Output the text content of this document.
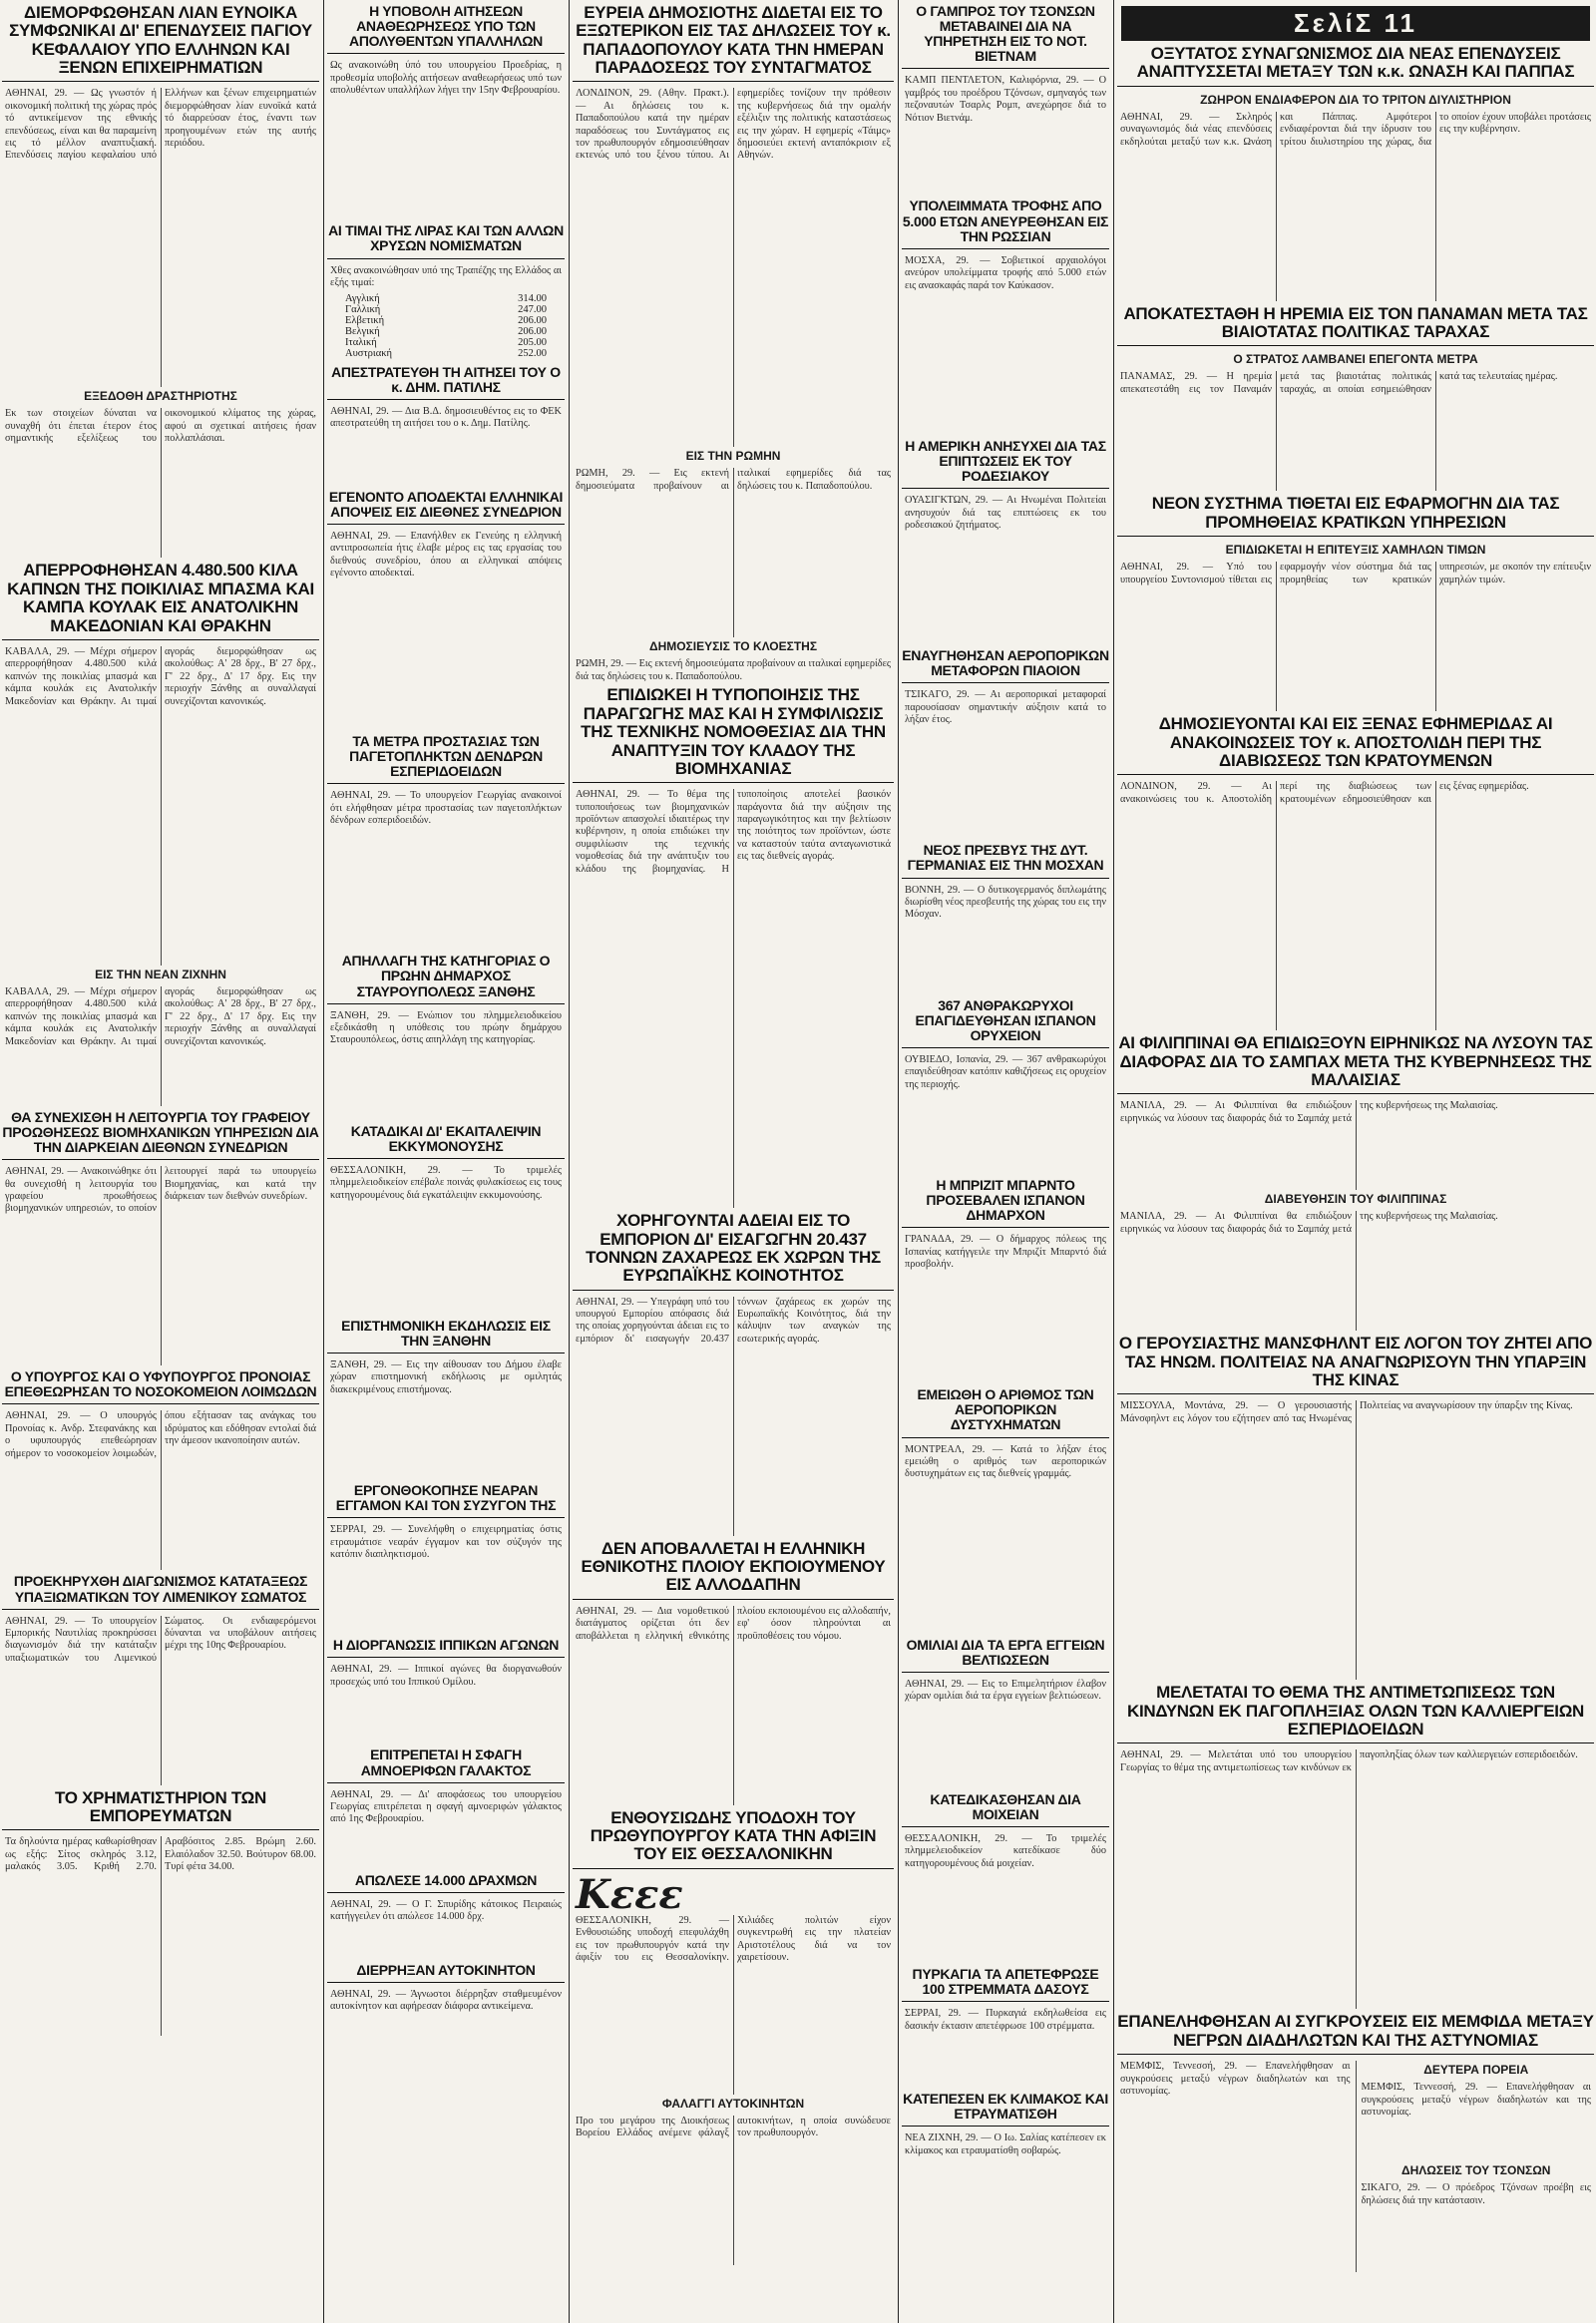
ΔΙΕΜΟΡΦΩΘΗΣΑΝ ΛΙΑΝ ΕΥΝΟΙΚΑ ΣΥΜΦΩΝΙΚΑΙ ΔΙ' ΕΠΕΝΔΥΣΕΙΣ ΠΑΓΙΟΥ ΚΕΦΑΛΑΙΟΥ ΥΠΟ ΕΛΛΗΝΩΝ ΚΑΙ ΞΕΝΩΝ ΕΠΙΧΕΙΡΗΜΑΤΙΩΝ
ΑΘΗΝΑΙ, 29. — Ως γνωστόν ή οικονομική πολιτική της χώρας πρός τό αντικείμενον της εθνικής επενδύσεως, είναι και θα παραμείνη εις τό μέλλον αναπτυξιακή. Επενδύσεις παγίου κεφαλαίου υπό Ελλήνων και ξένων επιχειρηματιών διεμορφώθησαν λίαν ευνοϊκά κατά τό διαρρεύσαν έτος, έναντι των προηγουμένων ετών της αυτής περιόδου.
ΕΞΕΔΟΘΗ ΔΡΑΣΤΗΡΙΟΤΗΣ
Εκ των στοιχείων δύναται να συναχθή ότι έπεται έτερον έτος σημαντικής εξελίξεως του οικονομικού κλίματος της χώρας, αφού αι σχετικαί αιτήσεις ήσαν πολλαπλάσιαι.
ΑΠΕΡΡΟΦΗΘΗΣΑΝ 4.480.500 ΚΙΛΑ ΚΑΠΝΩΝ ΤΗΣ ΠΟΙΚΙΛΙΑΣ ΜΠΑΣΜΑ ΚΑΙ ΚΑΜΠΑ ΚΟΥΛΑΚ ΕΙΣ ΑΝΑΤΟΛΙΚΗΝ ΜΑΚΕΔΟΝΙΑΝ ΚΑΙ ΘΡΑΚΗΝ
ΚΑΒΑΛΑ, 29. — Μέχρι σήμερον απερροφήθησαν 4.480.500 κιλά καπνών της ποικιλίας μπασμά και κάμπα κουλάκ εις Ανατολικήν Μακεδονίαν και Θράκην. Αι τιμαί αγοράς διεμορφώθησαν ως ακολούθως: Α' 28 δρχ., Β' 27 δρχ., Γ' 22 δρχ., Δ' 17 δρχ. Εις την περιοχήν Ξάνθης αι συναλλαγαί συνεχίζονται κανονικώς.
ΕΙΣ ΤΗΝ ΝΕΑΝ ΖΙΧΝΗΝ
ΚΑΒΑΛΑ, 29. — Μέχρι σήμερον απερροφήθησαν 4.480.500 κιλά καπνών της ποικιλίας μπασμά και κάμπα κουλάκ εις Ανατολικήν Μακεδονίαν και Θράκην. Αι τιμαί αγοράς διεμορφώθησαν ως ακολούθως: Α' 28 δρχ., Β' 27 δρχ., Γ' 22 δρχ., Δ' 17 δρχ. Εις την περιοχήν Ξάνθης αι συναλλαγαί συνεχίζονται κανονικώς.
ΘΑ ΣΥΝΕΧΙΣΘΗ Η ΛΕΙΤΟΥΡΓΙΑ ΤΟΥ ΓΡΑΦΕΙΟΥ ΠΡΟΩΘΗΣΕΩΣ ΒΙΟΜΗΧΑΝΙΚΩΝ ΥΠΗΡΕΣΙΩΝ ΔΙΑ ΤΗΝ ΔΙΑΡΚΕΙΑΝ ΔΙΕΘΝΩΝ ΣΥΝΕΔΡΙΩΝ
ΑΘΗΝΑΙ, 29. — Ανακοινώθηκε ότι θα συνεχισθή η λειτουργία του γραφείου προωθήσεως βιομηχανικών υπηρεσιών, το οποίον λειτουργεί παρά τω υπουργείω Βιομηχανίας, και κατά την διάρκειαν των διεθνών συνεδρίων.
Ο ΥΠΟΥΡΓΟΣ ΚΑΙ Ο ΥΦΥΠΟΥΡΓΟΣ ΠΡΟΝΟΙΑΣ ΕΠΕΘΕΩΡΗΣΑΝ ΤΟ ΝΟΣΟΚΟΜΕΙΟΝ ΛΟΙΜΩΔΩΝ
ΑΘΗΝΑΙ, 29. — Ο υπουργός Προνοίας κ. Ανδρ. Στεφανάκης και ο υφυπουργός επεθεώρησαν σήμερον το νοσοκομείον λοιμωδών, όπου εξήτασαν τας ανάγκας του ιδρύματος και εδόθησαν εντολαί διά την άμεσον ικανοποίησιν αυτών.
ΠΡΟΕΚΗΡΥΧΘΗ ΔΙΑΓΩΝΙΣΜΟΣ ΚΑΤΑΤΑΞΕΩΣ ΥΠΑΞΙΩΜΑΤΙΚΩΝ ΤΟΥ ΛΙΜΕΝΙΚΟΥ ΣΩΜΑΤΟΣ
ΑΘΗΝΑΙ, 29. — Το υπουργείον Εμπορικής Ναυτιλίας προκηρύσσει διαγωνισμόν διά την κατάταξιν υπαξιωματικών του Λιμενικού Σώματος. Οι ενδιαφερόμενοι δύνανται να υποβάλουν αιτήσεις μέχρι της 10ης Φεβρουαρίου.
ΤΟ ΧΡΗΜΑΤΙΣΤΗΡΙΟΝ ΤΩΝ ΕΜΠΟΡΕΥΜΑΤΩΝ
Τα δηλούντα ημέρας καθωρίσθησαν ως εξής: Σίτος σκληρός 3.12, μαλακός 3.05. Κριθή 2.70. Αραβόσιτος 2.85. Βρώμη 2.60. Ελαιόλαδον 32.50. Βούτυρον 68.00. Τυρί φέτα 34.00.
Η ΥΠΟΒΟΛΗ ΑΙΤΗΣΕΩΝ ΑΝΑΘΕΩΡΗΣΕΩΣ ΥΠΟ ΤΩΝ ΑΠΟΛΥΘΕΝΤΩΝ ΥΠΑΛΛΗΛΩΝ
Ως ανακοινώθη ύπό του υπουργείου Προεδρίας, η προθεσμία υποβολής αιτήσεων αναθεωρήσεως υπό των απολυθέντων υπαλλήλων λήγει την 15ην Φεβρουαρίου.
ΑΙ ΤΙΜΑΙ ΤΗΣ ΛΙΡΑΣ ΚΑΙ ΤΩΝ ΑΛΛΩΝ ΧΡΥΣΩΝ ΝΟΜΙΣΜΑΤΩΝ
Χθες ανακοινώθησαν υπό της Τραπέζης της Ελλάδος αι εξής τιμαί:
Αγγλική	314.00
Γαλλική	247.00
Ελβετική	206.00
Βελγική	206.00
Ιταλική	205.00
Αυστριακή	252.00
ΑΠΕΣΤΡΑΤΕΥΘΗ ΤΗ ΑΙΤΗΣΕΙ ΤΟΥ Ο κ. ΔΗΜ. ΠΑΤΙΛΗΣ
ΑΘΗΝΑΙ, 29. — Δια Β.Δ. δημοσιευθέντος εις το ΦΕΚ απεστρατεύθη τη αιτήσει του ο κ. Δημ. Πατίλης.
ΕΓΕΝΟΝΤΟ ΑΠΟΔΕΚΤΑΙ ΕΛΛΗΝΙΚΑΙ ΑΠΟΨΕΙΣ ΕΙΣ ΔΙΕΘΝΕΣ ΣΥΝΕΔΡΙΟΝ
ΑΘΗΝΑΙ, 29. — Επανήλθεν εκ Γενεύης η ελληνική αντιπροσωπεία ήτις έλαβε μέρος εις τας εργασίας του διεθνούς συνεδρίου, όπου αι ελληνικαί απόψεις εγένοντο αποδεκταί.
ΤΑ ΜΕΤΡΑ ΠΡΟΣΤΑΣΙΑΣ ΤΩΝ ΠΑΓΕΤΟΠΛΗΚΤΩΝ ΔΕΝΔΡΩΝ ΕΣΠΕΡΙΔΟΕΙΔΩΝ
ΑΘΗΝΑΙ, 29. — Το υπουργείον Γεωργίας ανακοινοί ότι ελήφθησαν μέτρα προστασίας των παγετοπλήκτων δένδρων εσπεριδοειδών.
ΑΠΗΛΛΑΓΗ ΤΗΣ ΚΑΤΗΓΟΡΙΑΣ Ο ΠΡΩΗΝ ΔΗΜΑΡΧΟΣ ΣΤΑΥΡΟΥΠΟΛΕΩΣ ΞΑΝΘΗΣ
ΞΑΝΘΗ, 29. — Ενώπιον του πλημμελειοδικείου εξεδικάσθη η υπόθεσις του πρώην δημάρχου Σταυρουπόλεως, όστις απηλλάγη της κατηγορίας.
ΚΑΤΑΔΙΚΑΙ ΔΙ' ΕΚΑΙΤΑΛΕΙΨΙΝ ΕΚΚΥΜΟΝΟΥΣΗΣ
ΘΕΣΣΑΛΟΝΙΚΗ, 29. — Το τριμελές πλημμελειοδικείον επέβαλε ποινάς φυλακίσεως εις τους κατηγορουμένους διά εγκατάλειψιν εκκυμονούσης.
ΕΠΙΣΤΗΜΟΝΙΚΗ ΕΚΔΗΛΩΣΙΣ ΕΙΣ ΤΗΝ ΞΑΝΘΗΝ
ΞΑΝΘΗ, 29. — Εις την αίθουσαν του Δήμου έλαβε χώραν επιστημονική εκδήλωσις με ομιλητάς διακεκριμένους επιστήμονας.
ΕΡΓΟΝΘΟΚΟΠΗΣΕ ΝΕΑΡΑΝ ΕΓΓΑΜΟΝ ΚΑΙ ΤΟΝ ΣΥΖΥΓΟΝ ΤΗΣ
ΣΕΡΡΑΙ, 29. — Συνελήφθη ο επιχειρηματίας όστις ετραυμάτισε νεαράν έγγαμον και τον σύζυγόν της κατόπιν διαπληκτισμού.
Η ΔΙΟΡΓΑΝΩΣΙΣ ΙΠΠΙΚΩΝ ΑΓΩΝΩΝ
ΑΘΗΝΑΙ, 29. — Ιππικοί αγώνες θα διοργανωθούν προσεχώς υπό του Ιππικού Ομίλου.
ΕΠΙΤΡΕΠΕΤΑΙ Η ΣΦΑΓΗ ΑΜΝΟΕΡΙΦΩΝ ΓΑΛΑΚΤΟΣ
ΑΘΗΝΑΙ, 29. — Δι' αποφάσεως του υπουργείου Γεωργίας επιτρέπεται η σφαγή αμνοεριφών γάλακτος από 1ης Φεβρουαρίου.
ΑΠΩΛΕΣΕ 14.000 ΔΡΑΧΜΩΝ
ΑΘΗΝΑΙ, 29. — Ο Γ. Σπυρίδης κάτοικος Πειραιώς κατήγγειλεν ότι απώλεσε 14.000 δρχ.
ΔΙΕΡΡΗΞΑΝ ΑΥΤΟΚΙΝΗΤΟΝ
ΑΘΗΝΑΙ, 29. — Άγνωστοι διέρρηξαν σταθμευμένον αυτοκίνητον και αφήρεσαν διάφορα αντικείμενα.
ΕΥΡΕΙΑ ΔΗΜΟΣΙΟΤΗΣ ΔΙΔΕΤΑΙ ΕΙΣ ΤΟ ΕΞΩΤΕΡΙΚΟΝ ΕΙΣ ΤΑΣ ΔΗΛΩΣΕΙΣ ΤΟΥ κ. ΠΑΠΑΔΟΠΟΥΛΟΥ ΚΑΤΑ ΤΗΝ ΗΜΕΡΑΝ ΠΑΡΑΔΟΣΕΩΣ ΤΟΥ ΣΥΝΤΑΓΜΑΤΟΣ
ΛΟΝΔΙΝΟΝ, 29. (Αθην. Πρακτ.). — Αι δηλώσεις του κ. Παπαδοπούλου κατά την ημέραν παραδόσεως του Συντάγματος εις τον πρωθυπουργόν εδημοσιεύθησαν εκτενώς υπό του ξένου τύπου. Αι εφημερίδες τονίζουν την πρόθεσιν της κυβερνήσεως διά την ομαλήν εξέλιξιν της πολιτικής καταστάσεως εις την χώραν. Η εφημερίς «Τάιμς» δημοσιεύει εκτενή ανταπόκρισιν εξ Αθηνών.
ΕΙΣ ΤΗΝ ΡΩΜΗΝ
ΡΩΜΗ, 29. — Εις εκτενή δημοσιεύματα προβαίνουν αι ιταλικαί εφημερίδες διά τας δηλώσεις του κ. Παπαδοπούλου.
ΔΗΜΟΣΙΕΥΣΙΣ ΤΟ ΚΛΟΕΣΤΗΣ
ΡΩΜΗ, 29. — Εις εκτενή δημοσιεύματα προβαίνουν αι ιταλικαί εφημερίδες διά τας δηλώσεις του κ. Παπαδοπούλου.
ΕΠΙΔΙΩΚΕΙ Η ΤΥΠΟΠΟΙΗΣΙΣ ΤΗΣ ΠΑΡΑΓΩΓΗΣ ΜΑΣ ΚΑΙ Η ΣΥΜΦΙΛΙΩΣΙΣ ΤΗΣ ΤΕΧΝΙΚΗΣ ΝΟΜΟΘΕΣΙΑΣ ΔΙΑ ΤΗΝ ΑΝΑΠΤΥΞΙΝ ΤΟΥ ΚΛΑΔΟΥ ΤΗΣ ΒΙΟΜΗΧΑΝΙΑΣ
ΑΘΗΝΑΙ, 29. — Το θέμα της τυποποιήσεως των βιομηχανικών προϊόντων απασχολεί ιδιαιτέρως την κυβέρνησιν, η οποία επιδιώκει την συμφιλίωσιν της τεχνικής νομοθεσίας διά την ανάπτυξιν του κλάδου της βιομηχανίας. Η τυποποίησις αποτελεί βασικόν παράγοντα διά την αύξησιν της παραγωγικότητος και την βελτίωσιν της ποιότητος των προϊόντων, ώστε να καταστούν ταύτα ανταγωνιστικά εις τας διεθνείς αγοράς.
ΧΟΡΗΓΟΥΝΤΑΙ ΑΔΕΙΑΙ ΕΙΣ ΤΟ ΕΜΠΟΡΙΟΝ ΔΙ' ΕΙΣΑΓΩΓΗΝ 20.437 ΤΟΝΝΩΝ ΖΑΧΑΡΕΩΣ ΕΚ ΧΩΡΩΝ ΤΗΣ ΕΥΡΩΠΑΪΚΗΣ ΚΟΙΝΟΤΗΤΟΣ
ΑΘΗΝΑΙ, 29. — Υπεγράφη υπό του υπουργού Εμπορίου απόφασις διά της οποίας χορηγούνται άδειαι εις το εμπόριον δι' εισαγωγήν 20.437 τόννων ζαχάρεως εκ χωρών της Ευρωπαϊκής Κοινότητος, διά την κάλυψιν των αναγκών της εσωτερικής αγοράς.
ΔΕΝ ΑΠΟΒΑΛΛΕΤΑΙ Η ΕΛΛΗΝΙΚΗ ΕΘΝΙΚΟΤΗΣ ΠΛΟΙΟΥ ΕΚΠΟΙΟΥΜΕΝΟΥ ΕΙΣ ΑΛΛΟΔΑΠΗΝ
ΑΘΗΝΑΙ, 29. — Δια νομοθετικού διατάγματος ορίζεται ότι δεν αποβάλλεται η ελληνική εθνικότης πλοίου εκποιουμένου εις αλλοδαπήν, εφ' όσον πληρούνται αι προϋποθέσεις του νόμου.
ΕΝΘΟΥΣΙΩΔΗΣ ΥΠΟΔΟΧΗ ΤΟΥ ΠΡΩΘΥΠΟΥΡΓΟΥ ΚΑΤΑ ΤΗΝ ΑΦΙΞΙΝ ΤΟΥ ΕΙΣ ΘΕΣΣΑΛΟΝΙΚΗΝ
Κεεε
ΘΕΣΣΑΛΟΝΙΚΗ, 29. — Ενθουσιώδης υποδοχή επεφυλάχθη εις τον πρωθυπουργόν κατά την άφιξίν του εις Θεσσαλονίκην. Χιλιάδες πολιτών είχον συγκεντρωθή εις την πλατείαν Αριστοτέλους διά να τον χαιρετίσουν.
ΦΑΛΑΓΓΙ ΑΥΤΟΚΙΝΗΤΩΝ
Προ του μεγάρου της Διοικήσεως Βορείου Ελλάδος ανέμενε φάλαγξ αυτοκινήτων, η οποία συνώδευσε τον πρωθυπουργόν.
Ο ΓΑΜΠΡΟΣ ΤΟΥ ΤΣΟΝΣΩΝ ΜΕΤΑΒΑΙΝΕΙ ΔΙΑ ΝΑ ΥΠΗΡΕΤΗΣΗ ΕΙΣ ΤΟ ΝΟΤ. ΒΙΕΤΝΑΜ
ΚΑΜΠ ΠΕΝΤΛΕΤΟΝ, Καλιφόρνια, 29. — Ο γαμβρός του προέδρου Τζόνσων, σμηναγός των πεζοναυτών Τσαρλς Ρομπ, ανεχώρησε διά το Νότιον Βιετνάμ.
ΥΠΟΛΕΙΜΜΑΤΑ ΤΡΟΦΗΣ ΑΠΟ 5.000 ΕΤΩΝ ΑΝΕΥΡΕΘΗΣΑΝ ΕΙΣ ΤΗΝ ΡΩΣΣΙΑΝ
ΜΟΣΧΑ, 29. — Σοβιετικοί αρχαιολόγοι ανεύρον υπολείμματα τροφής από 5.000 ετών εις ανασκαφάς παρά τον Καύκασον.
Η ΑΜΕΡΙΚΗ ΑΝΗΣΥΧΕΙ ΔΙΑ ΤΑΣ ΕΠΙΠΤΩΣΕΙΣ ΕΚ ΤΟΥ ΡΟΔΕΣΙΑΚΟΥ
ΟΥΑΣΙΓΚΤΩΝ, 29. — Αι Ηνωμέναι Πολιτείαι ανησυχούν διά τας επιπτώσεις εκ του ροδεσιακού ζητήματος.
ΕΝΑΥΓΗΘΗΣΑΝ ΑΕΡΟΠΟΡΙΚΩΝ ΜΕΤΑΦΟΡΩΝ ΠΙΑΟΙΟΝ
ΤΣΙΚΑΓΟ, 29. — Αι αεροπορικαί μεταφοραί παρουσίασαν σημαντικήν αύξησιν κατά το λήξαν έτος.
ΝΕΟΣ ΠΡΕΣΒΥΣ ΤΗΣ ΔΥΤ. ΓΕΡΜΑΝΙΑΣ ΕΙΣ ΤΗΝ ΜΟΣΧΑΝ
ΒΟΝΝΗ, 29. — Ο δυτικογερμανός διπλωμάτης διωρίσθη νέος πρεσβευτής της χώρας του εις την Μόσχαν.
367 ΑΝΘΡΑΚΩΡΥΧΟΙ ΕΠΑΓΙΔΕΥΘΗΣΑΝ ΙΣΠΑΝΟΝ ΟΡΥΧΕΙΟΝ
ΟΥΒΙΕΔΟ, Ισπανία, 29. — 367 ανθρακωρύχοι επαγιδεύθησαν κατόπιν καθιζήσεως εις ορυχείον της περιοχής.
Η ΜΠΡΙΖΙΤ ΜΠΑΡΝΤΟ ΠΡΟΣΕΒΑΛΕΝ ΙΣΠΑΝΟΝ ΔΗΜΑΡΧΟΝ
ΓΡΑΝΑΔΑ, 29. — Ο δήμαρχος πόλεως της Ισπανίας κατήγγειλε την Μπριζίτ Μπαρντό διά προσβολήν.
ΕΜΕΙΩΘΗ Ο ΑΡΙΘΜΟΣ ΤΩΝ ΑΕΡΟΠΟΡΙΚΩΝ ΔΥΣΤΥΧΗΜΑΤΩΝ
ΜΟΝΤΡΕΑΛ, 29. — Κατά το λήξαν έτος εμειώθη ο αριθμός των αεροπορικών δυστυχημάτων εις τας διεθνείς γραμμάς.
ΟΜΙΛΙΑΙ ΔΙΑ ΤΑ ΕΡΓΑ ΕΓΓΕΙΩΝ ΒΕΛΤΙΩΣΕΩΝ
ΑΘΗΝΑΙ, 29. — Εις το Επιμελητήριον έλαβον χώραν ομιλίαι διά τα έργα εγγείων βελτιώσεων.
ΚΑΤΕΔΙΚΑΣΘΗΣΑΝ ΔΙΑ ΜΟΙΧΕΙΑΝ
ΘΕΣΣΑΛΟΝΙΚΗ, 29. — Το τριμελές πλημμελειοδικείον κατεδίκασε δύο κατηγορουμένους διά μοιχείαν.
ΠΥΡΚΑΓΙΑ ΤΑ ΑΠΕΤΕΦΡΩΣΕ 100 ΣΤΡΕΜΜΑΤΑ ΔΑΣΟΥΣ
ΣΕΡΡΑΙ, 29. — Πυρκαγιά εκδηλωθείσα εις δασικήν έκτασιν απετέφρωσε 100 στρέμματα.
ΚΑΤΕΠΕΣΕΝ ΕΚ ΚΛΙΜΑΚΟΣ ΚΑΙ ΕΤΡΑΥΜΑΤΙΣΘΗ
ΝΕΑ ΖΙΧΝΗ, 29. — Ο Ιω. Σαλίας κατέπεσεν εκ κλίμακος και ετραυματίσθη σοβαρώς.
ΣελίΣ 11
ΟΞΥΤΑΤΟΣ ΣΥΝΑΓΩΝΙΣΜΟΣ ΔΙΑ ΝΕΑΣ ΕΠΕΝΔΥΣΕΙΣ ΑΝΑΠΤΥΣΣΕΤΑΙ ΜΕΤΑΞΥ ΤΩΝ κ.κ. ΩΝΑΣΗ ΚΑΙ ΠΑΠΠΑΣ
ΖΩΗΡΟΝ ΕΝΔΙΑΦΕΡΟΝ ΔΙΑ ΤΟ ΤΡΙΤΟΝ ΔΙΥΛΙΣΤΗΡΙΟΝ
ΑΘΗΝΑΙ, 29. — Σκληρός συναγωνισμός διά νέας επενδύσεις εκδηλούται μεταξύ των κ.κ. Ωνάση και Πάππας. Αμφότεροι ενδιαφέρονται διά την ίδρυσιν του τρίτου διυλιστηρίου της χώρας, δια το οποίον έχουν υποβάλει προτάσεις εις την κυβέρνησιν.
ΑΠΟΚΑΤΕΣΤΑΘΗ Η ΗΡΕΜΙΑ ΕΙΣ ΤΟΝ ΠΑΝΑΜΑΝ ΜΕΤΑ ΤΑΣ ΒΙΑΙΟΤΑΤΑΣ ΠΟΛΙΤΙΚΑΣ ΤΑΡΑΧΑΣ
Ο ΣΤΡΑΤΟΣ ΛΑΜΒΑΝΕΙ ΕΠΕΓΟΝΤΑ ΜΕΤΡΑ
ΠΑΝΑΜΑΣ, 29. — Η ηρεμία απεκατεστάθη εις τον Παναμάν μετά τας βιαιοτάτας πολιτικάς ταραχάς, αι οποίαι εσημειώθησαν κατά τας τελευταίας ημέρας.
ΝΕΟΝ ΣΥΣΤΗΜΑ ΤΙΘΕΤΑΙ ΕΙΣ ΕΦΑΡΜΟΓΗΝ ΔΙΑ ΤΑΣ ΠΡΟΜΗΘΕΙΑΣ ΚΡΑΤΙΚΩΝ ΥΠΗΡΕΣΙΩΝ
ΕΠΙΔΙΩΚΕΤΑΙ Η ΕΠΙΤΕΥΞΙΣ ΧΑΜΗΛΩΝ ΤΙΜΩΝ
ΑΘΗΝΑΙ, 29. — Υπό του υπουργείου Συντονισμού τίθεται εις εφαρμογήν νέον σύστημα διά τας προμηθείας των κρατικών υπηρεσιών, με σκοπόν την επίτευξιν χαμηλών τιμών.
ΔΗΜΟΣΙΕΥΟΝΤΑΙ ΚΑΙ ΕΙΣ ΞΕΝΑΣ ΕΦΗΜΕΡΙΔΑΣ ΑΙ ΑΝΑΚΟΙΝΩΣΕΙΣ ΤΟΥ κ. ΑΠΟΣΤΟΛΙΔΗ ΠΕΡΙ ΤΗΣ ΔΙΑΒΙΩΣΕΩΣ ΤΩΝ ΚΡΑΤΟΥΜΕΝΩΝ
ΛΟΝΔΙΝΟΝ, 29. — Αι ανακοινώσεις του κ. Αποστολίδη περί της διαβιώσεως των κρατουμένων εδημοσιεύθησαν και εις ξένας εφημερίδας.
ΑΙ ΦΙΛΙΠΠΙΝΑΙ ΘΑ ΕΠΙΔΙΩΞΟΥΝ ΕΙΡΗΝΙΚΩΣ ΝΑ ΛΥΣΟΥΝ ΤΑΣ ΔΙΑΦΟΡΑΣ ΔΙΑ ΤΟ ΣΑΜΠΑΧ ΜΕΤΑ ΤΗΣ ΚΥΒΕΡΝΗΣΕΩΣ ΤΗΣ ΜΑΛΑΙΣΙΑΣ
ΜΑΝΙΛΑ, 29. — Αι Φιλιππίναι θα επιδιώξουν ειρηνικώς να λύσουν τας διαφοράς διά το Σαμπάχ μετά της κυβερνήσεως της Μαλαισίας.
ΔΙΑΒΕΥΘΗΣΙΝ ΤΟΥ ΦΙΛΙΠΠΙΝΑΣ
ΜΑΝΙΛΑ, 29. — Αι Φιλιππίναι θα επιδιώξουν ειρηνικώς να λύσουν τας διαφοράς διά το Σαμπάχ μετά της κυβερνήσεως της Μαλαισίας.
Ο ΓΕΡΟΥΣΙΑΣΤΗΣ ΜΑΝΣΦΗΛΝΤ ΕΙΣ ΛΟΓΟΝ ΤΟΥ ΖΗΤΕΙ ΑΠΟ ΤΑΣ ΗΝΩΜ. ΠΟΛΙΤΕΙΑΣ ΝΑ ΑΝΑΓΝΩΡΙΣΟΥΝ ΤΗΝ ΥΠΑΡΞΙΝ ΤΗΣ ΚΙΝΑΣ
ΜΙΣΣΟΥΛΑ, Μοντάνα, 29. — Ο γερουσιαστής Μάνσφηλντ εις λόγον του εζήτησεν από τας Ηνωμένας Πολιτείας να αναγνωρίσουν την ύπαρξιν της Κίνας.
ΜΕΛΕΤΑΤΑΙ ΤΟ ΘΕΜΑ ΤΗΣ ΑΝΤΙΜΕΤΩΠΙΣΕΩΣ ΤΩΝ ΚΙΝΔΥΝΩΝ ΕΚ ΠΑΓΟΠΛΗΞΙΑΣ ΟΛΩΝ ΤΩΝ ΚΑΛΛΙΕΡΓΕΙΩΝ ΕΣΠΕΡΙΔΟΕΙΔΩΝ
ΑΘΗΝΑΙ, 29. — Μελετάται υπό του υπουργείου Γεωργίας το θέμα της αντιμετωπίσεως των κινδύνων εκ παγοπληξίας όλων των καλλιεργειών εσπεριδοειδών.
ΕΠΑΝΕΛΗΦΘΗΣΑΝ ΑΙ ΣΥΓΚΡΟΥΣΕΙΣ ΕΙΣ ΜΕΜΦΙΔΑ ΜΕΤΑΞΥ ΝΕΓΡΩΝ ΔΙΑΔΗΛΩΤΩΝ ΚΑΙ ΤΗΣ ΑΣΤΥΝΟΜΙΑΣ
ΜΕΜΦΙΣ, Τεννεσσή, 29. — Επανελήφθησαν αι συγκρούσεις μεταξύ νέγρων διαδηλωτών και της αστυνομίας.
ΔΕΥΤΕΡΑ ΠΟΡΕΙΑ
ΜΕΜΦΙΣ, Τεννεσσή, 29. — Επανελήφθησαν αι συγκρούσεις μεταξύ νέγρων διαδηλωτών και της αστυνομίας.
ΔΗΛΩΣΕΙΣ ΤΟΥ ΤΣΟΝΣΩΝ
ΣΙΚΑΓΟ, 29. — Ο πρόεδρος Τζόνσων προέβη εις δηλώσεις διά την κατάστασιν.
